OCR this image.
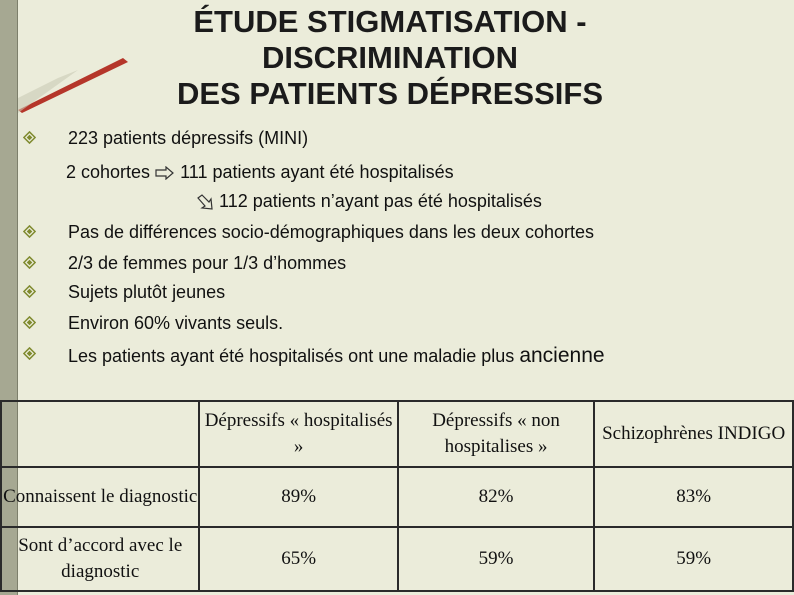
ÉTUDE STIGMATISATION -
DISCRIMINATION
DES PATIENTS DÉPRESSIFS
223 patients dépressifs (MINI)
2 cohortes 111 patients ayant été hospitalisés
112 patients n’ayant pas été hospitalisés
Pas de différences socio-démographiques dans les deux cohortes
2/3 de femmes pour 1/3 d’hommes
Sujets plutôt jeunes
Environ 60% vivants seuls.
Les patients ayant été hospitalisés ont une maladie plus ancienne
	Dépressifs « hospitalisés »	Dépressifs « non hospitalises »	Schizophrènes INDIGO
Connaissent le diagnostic	89%	82%	83%
Sont d’accord avec le diagnostic	65%	59%	59%
